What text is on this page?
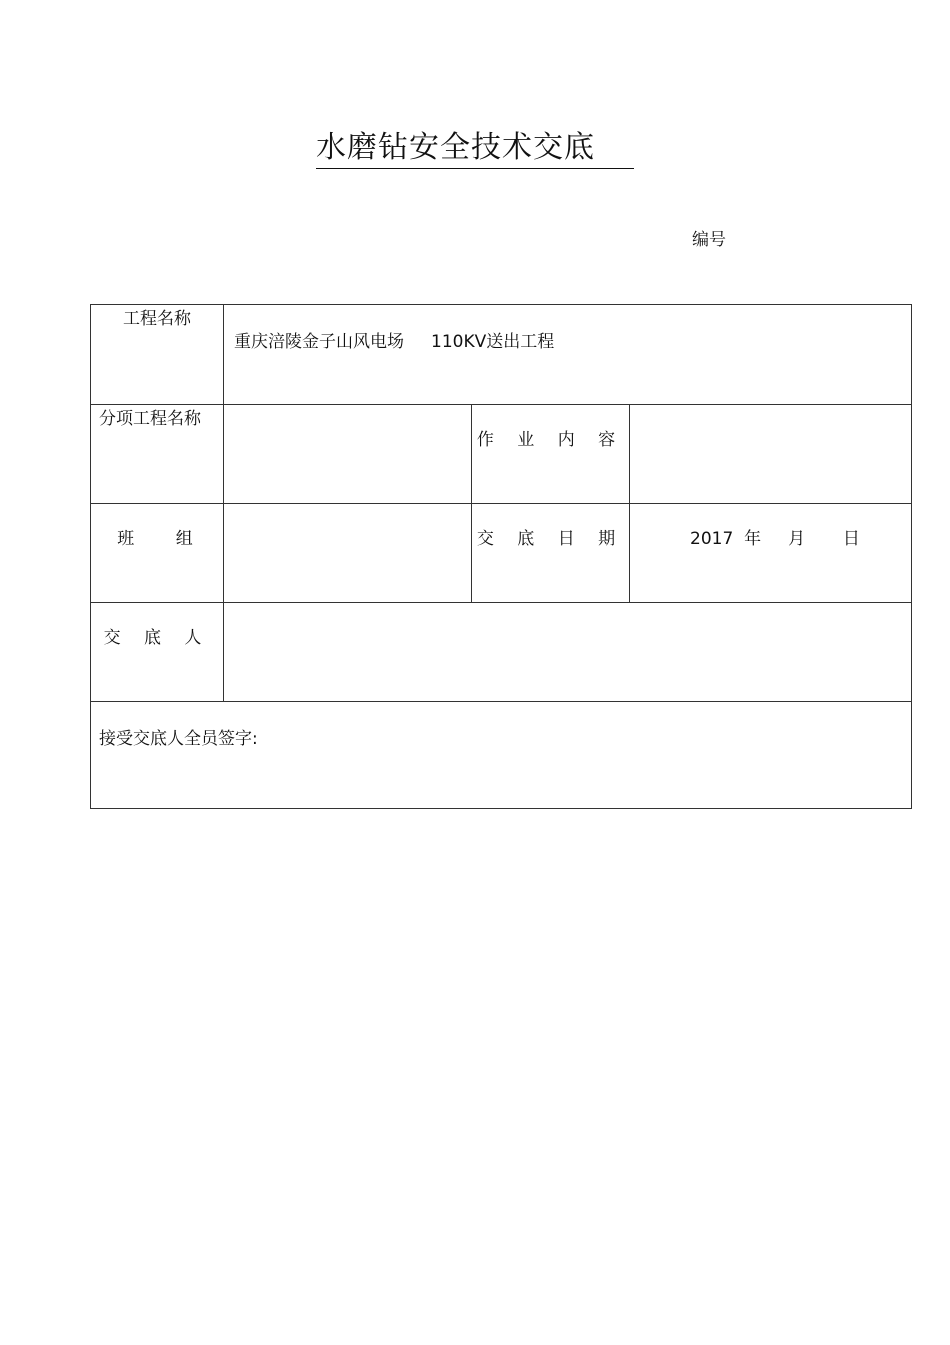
水磨钻安全技术交底
编号
工程名称	重庆涪陵金子山风电场     110KV送出工程		

分项工程名称		作 业 内 容	

班    组		交 底 日 期	2017  年     月       日

交 底 人			

接受交底人全员签字:			
